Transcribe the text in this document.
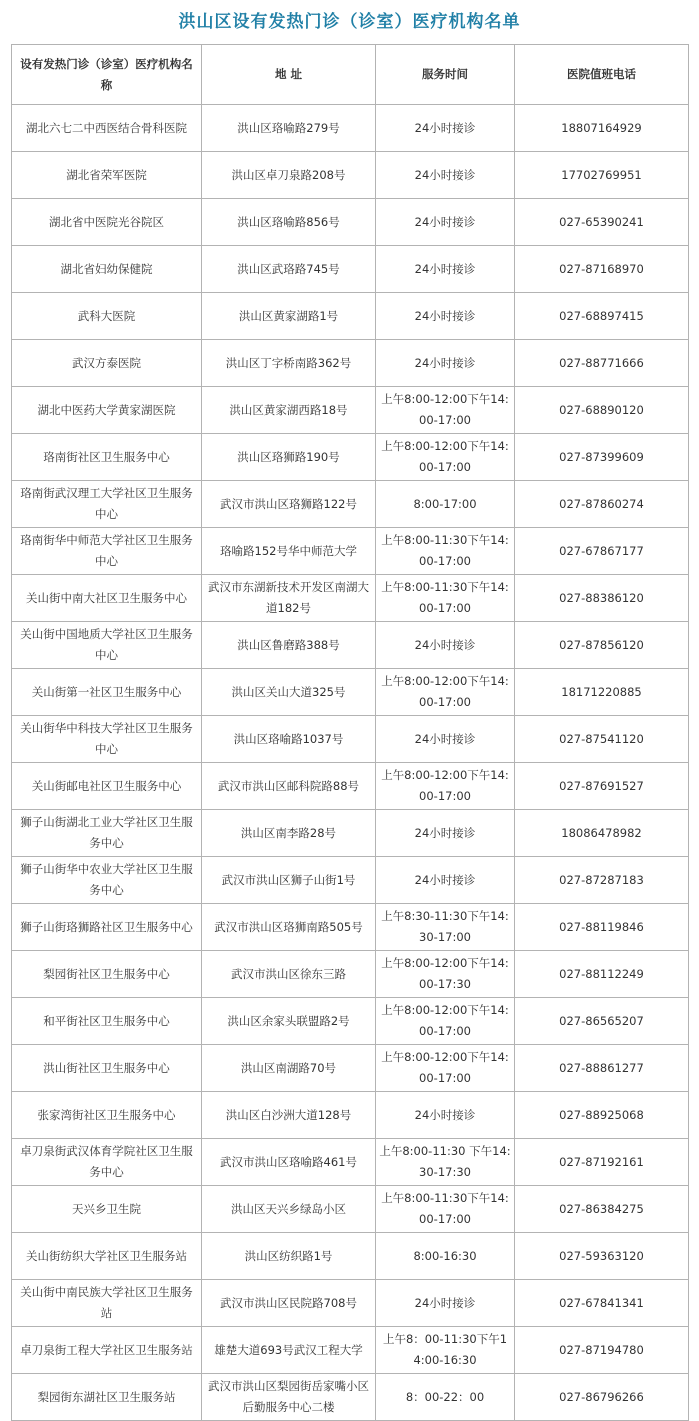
洪山区设有发热门诊（诊室）医疗机构名单
设有发热门诊（诊室）医疗机构名称	地 址	服务时间	医院值班电话
湖北六七二中西医结合骨科医院	洪山区珞喻路279号	24小时接诊	18807164929
湖北省荣军医院	洪山区卓刀泉路208号	24小时接诊	17702769951
湖北省中医院光谷院区	洪山区珞喻路856号	24小时接诊	027-65390241
湖北省妇幼保健院	洪山区武珞路745号	24小时接诊	027-87168970
武科大医院	洪山区黄家湖路1号	24小时接诊	027-68897415
武汉方泰医院	洪山区丁字桥南路362号	24小时接诊	027-88771666
湖北中医药大学黄家湖医院	洪山区黄家湖西路18号	上午8:00-12:00下午14:00-17:00	027-68890120
珞南街社区卫生服务中心	洪山区珞狮路190号	上午8:00-12:00下午14:00-17:00	027-87399609
珞南街武汉理工大学社区卫生服务中心	武汉市洪山区珞狮路122号	8:00-17:00	027-87860274
珞南街华中师范大学社区卫生服务中心	珞喻路152号华中师范大学	上午8:00-11:30下午14:00-17:00	027-67867177
关山街中南大社区卫生服务中心	武汉市东湖新技术开发区南湖大道182号	上午8:00-11:30下午14:00-17:00	027-88386120
关山街中国地质大学社区卫生服务中心	洪山区鲁磨路388号	24小时接诊	027-87856120
关山街第一社区卫生服务中心	洪山区关山大道325号	上午8:00-12:00下午14:00-17:00	18171220885
关山街华中科技大学社区卫生服务中心	洪山区珞喻路1037号	24小时接诊	027-87541120
关山街邮电社区卫生服务中心	武汉市洪山区邮科院路88号	上午8:00-12:00下午14:00-17:00	027-87691527
狮子山街湖北工业大学社区卫生服务中心	洪山区南李路28号	24小时接诊	18086478982
狮子山街华中农业大学社区卫生服务中心	武汉市洪山区狮子山街1号	24小时接诊	027-87287183
狮子山街珞狮路社区卫生服务中心	武汉市洪山区珞狮南路505号	上午8:30-11:30下午14:30-17:00	027-88119846
梨园街社区卫生服务中心	武汉市洪山区徐东三路	上午8:00-12:00下午14:00-17:30	027-88112249
和平街社区卫生服务中心	洪山区余家头联盟路2号	上午8:00-12:00下午14:00-17:00	027-86565207
洪山街社区卫生服务中心	洪山区南湖路70号	上午8:00-12:00下午14:00-17:00	027-88861277
张家湾街社区卫生服务中心	洪山区白沙洲大道128号	24小时接诊	027-88925068
卓刀泉街武汉体育学院社区卫生服务中心	武汉市洪山区珞喻路461号	上午8:00-11:30 下午14:30-17:30	027-87192161
天兴乡卫生院	洪山区天兴乡绿岛小区	上午8:00-11:30下午14:00-17:00	027-86384275
关山街纺织大学社区卫生服务站	洪山区纺织路1号	8:00-16:30	027-59363120
关山街中南民族大学社区卫生服务站	武汉市洪山区民院路708号	24小时接诊	027-67841341
卓刀泉街工程大学社区卫生服务站	雄楚大道693号武汉工程大学	上午8：00-11:30下午14:00-16:30	027-87194780
梨园街东湖社区卫生服务站	武汉市洪山区梨园街岳家嘴小区后勤服务中心二楼	8：00-22：00	027-86796266
